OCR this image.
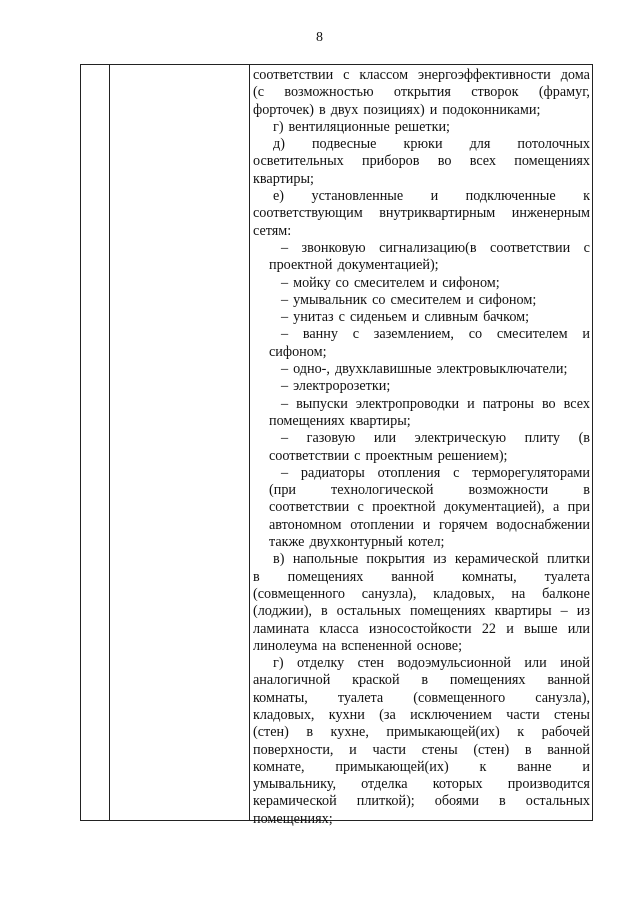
8
соответствии с классом энергоэффективности дома
(с возможностью открытия створок (фрамуг,
форточек) в двух позициях) и подоконниками;
г) вентиляционные решетки;
д) подвесные крюки для потолочных
осветительных приборов во всех помещениях
квартиры;
е) установленные и подключенные к
соответствующим внутриквартирным инженерным
сетям:
– звонковую сигнализацию(в соответствии с
проектной документацией);
– мойку со смесителем и сифоном;
– умывальник со смесителем и сифоном;
– унитаз с сиденьем и сливным бачком;
– ванну с заземлением, со смесителем и
сифоном;
– одно-, двухклавишные электровыключатели;
– электророзетки;
– выпуски электропроводки и патроны во всех
помещениях квартиры;
– газовую или электрическую плиту (в
соответствии с проектным решением);
– радиаторы отопления с терморегуляторами
(при технологической возможности в
соответствии с проектной документацией), а при
автономном отоплении и горячем водоснабжении
также двухконтурный котел;
в) напольные покрытия из керамической плитки
в помещениях ванной комнаты, туалета
(совмещенного санузла), кладовых, на балконе
(лоджии), в остальных помещениях квартиры – из
ламината класса износостойкости 22 и выше или
линолеума на вспененной основе;
г) отделку стен водоэмульсионной или иной
аналогичной краской в помещениях ванной
комнаты, туалета (совмещенного санузла),
кладовых, кухни (за исключением части стены
(стен) в кухне, примыкающей(их) к рабочей
поверхности, и части стены (стен) в ванной
комнате, примыкающей(их) к ванне и
умывальнику, отделка которых производится
керамической плиткой); обоями в остальных
помещениях;
